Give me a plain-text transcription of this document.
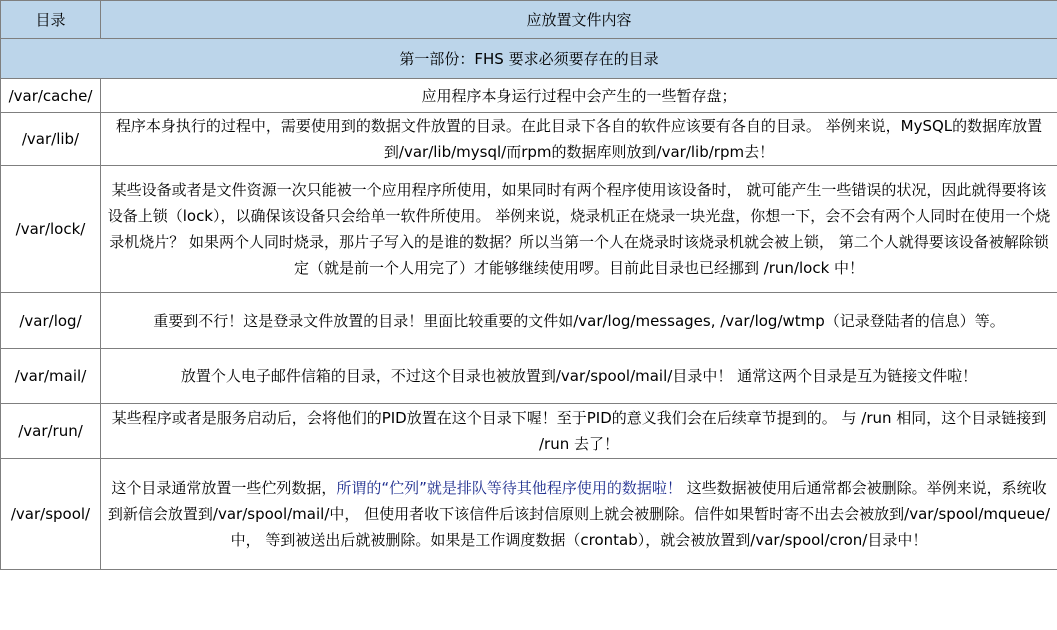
目录	应放置文件内容
第一部份：FHS 要求必须要存在的目录	
/var/cache/	应用程序本身运行过程中会产生的一些暂存盘；
/var/lib/	程序本身执行的过程中，需要使用到的数据文件放置的目录。在此目录下各自的软件应该要有各自的目录。 举例来说，MySQL的数据库放置到/var/lib/mysql/而rpm的数据库则放到/var/lib/rpm去！
/var/lock/	某些设备或者是文件资源一次只能被一个应用程序所使用，如果同时有两个程序使用该设备时， 就可能产生一些错误的状况，因此就得要将该设备上锁（lock），以确保该设备只会给单一软件所使用。 举例来说，烧录机正在烧录一块光盘，你想一下，会不会有两个人同时在使用一个烧录机烧片？ 如果两个人同时烧录，那片子写入的是谁的数据？所以当第一个人在烧录时该烧录机就会被上锁， 第二个人就得要该设备被解除锁定（就是前一个人用完了）才能够继续使用啰。目前此目录也已经挪到 /run/lock 中！
/var/log/	重要到不行！这是登录文件放置的目录！里面比较重要的文件如/var/log/messages, /var/log/wtmp（记录登陆者的信息）等。
/var/mail/	放置个人电子邮件信箱的目录，不过这个目录也被放置到/var/spool/mail/目录中！ 通常这两个目录是互为链接文件啦！
/var/run/	某些程序或者是服务启动后，会将他们的PID放置在这个目录下喔！至于PID的意义我们会在后续章节提到的。 与 /run 相同，这个目录链接到 /run 去了！
/var/spool/	这个目录通常放置一些伫列数据，所谓的“伫列”就是排队等待其他程序使用的数据啦！ 这些数据被使用后通常都会被删除。举例来说，系统收到新信会放置到/var/spool/mail/中， 但使用者收下该信件后该封信原则上就会被删除。信件如果暂时寄不出去会被放到/var/spool/mqueue/中， 等到被送出后就被删除。如果是工作调度数据（crontab），就会被放置到/var/spool/cron/目录中！
